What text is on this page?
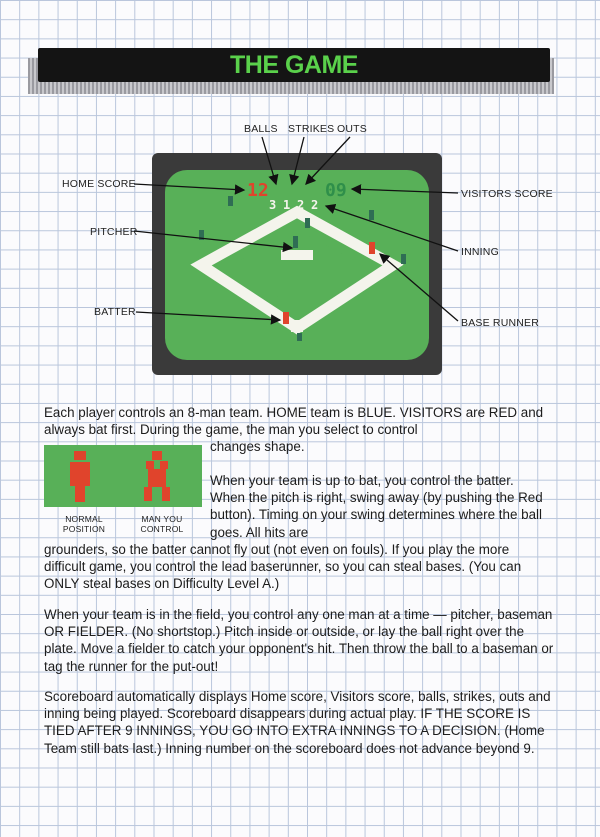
THE GAME
BALLS STRIKES OUTS
HOME SCORE
VISITORS SCORE
PITCHER
INNING
BATTER
BASE RUNNER
12	09
3 1 2 2

Each player controls an 8-man team. HOME team is BLUE. VISITORS are RED and always bat first. During the game, the man you select to control

changes shape.

NORMAL
POSITION
MAN YOU
CONTROL

When your team is up to bat, you control the batter. When the pitch is right, swing away (by pushing the Red button). Timing on your swing determines where the ball goes. All hits are

grounders, so the batter cannot fly out (not even on fouls). If you play the more difficult game, you control the lead baserunner, so you can steal bases. (You can ONLY steal bases on Difficulty Level A.)

When your team is in the field, you control any one man at a time — pitcher, baseman OR FIELDER. (No shortstop.) Pitch inside or outside, or lay the ball right over the plate. Move a fielder to catch your opponent's hit. Then throw the ball to a baseman or tag the runner for the put-out!

Scoreboard automatically displays Home score, Visitors score, balls, strikes, outs and inning being played. Scoreboard disappears during actual play. IF THE SCORE IS TIED AFTER 9 INNINGS, YOU GO INTO EXTRA INNINGS TO A DECISION. (Home Team still bats last.) Inning number on the scoreboard does not advance beyond 9.
